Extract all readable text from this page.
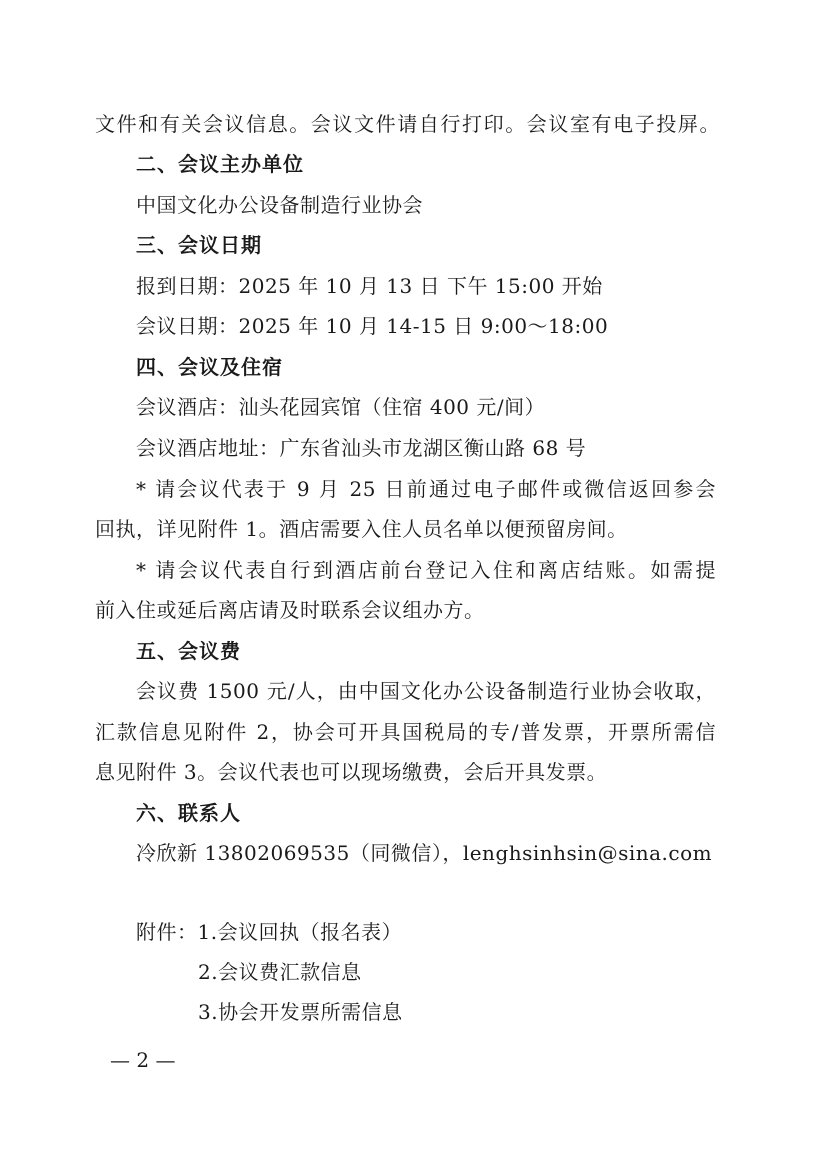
文件和有关会议信息。会议文件请自行打印。会议室有电子投屏。
二、会议主办单位
中国文化办公设备制造行业协会
三、会议日期
报到日期：2025 年 10 月 13 日 下午 15:00 开始
会议日期：2025 年 10 月 14-15 日 9:00～18:00
四、会议及住宿
会议酒店：汕头花园宾馆（住宿 400 元/间）
会议酒店地址：广东省汕头市龙湖区衡山路 68 号
* 请会议代表于 9 月 25 日前通过电子邮件或微信返回参会
回执，详见附件 1。酒店需要入住人员名单以便预留房间。
* 请会议代表自行到酒店前台登记入住和离店结账。如需提
前入住或延后离店请及时联系会议组办方。
五、会议费
会议费 1500 元/人，由中国文化办公设备制造行业协会收取，
汇款信息见附件 2，协会可开具国税局的专/普发票，开票所需信
息见附件 3。会议代表也可以现场缴费，会后开具发票。
六、联系人
冷欣新 13802069535（同微信），lenghsinhsin@sina.com
附件：1.会议回执（报名表）
2.会议费汇款信息
3.协会开发票所需信息
— 2 —
